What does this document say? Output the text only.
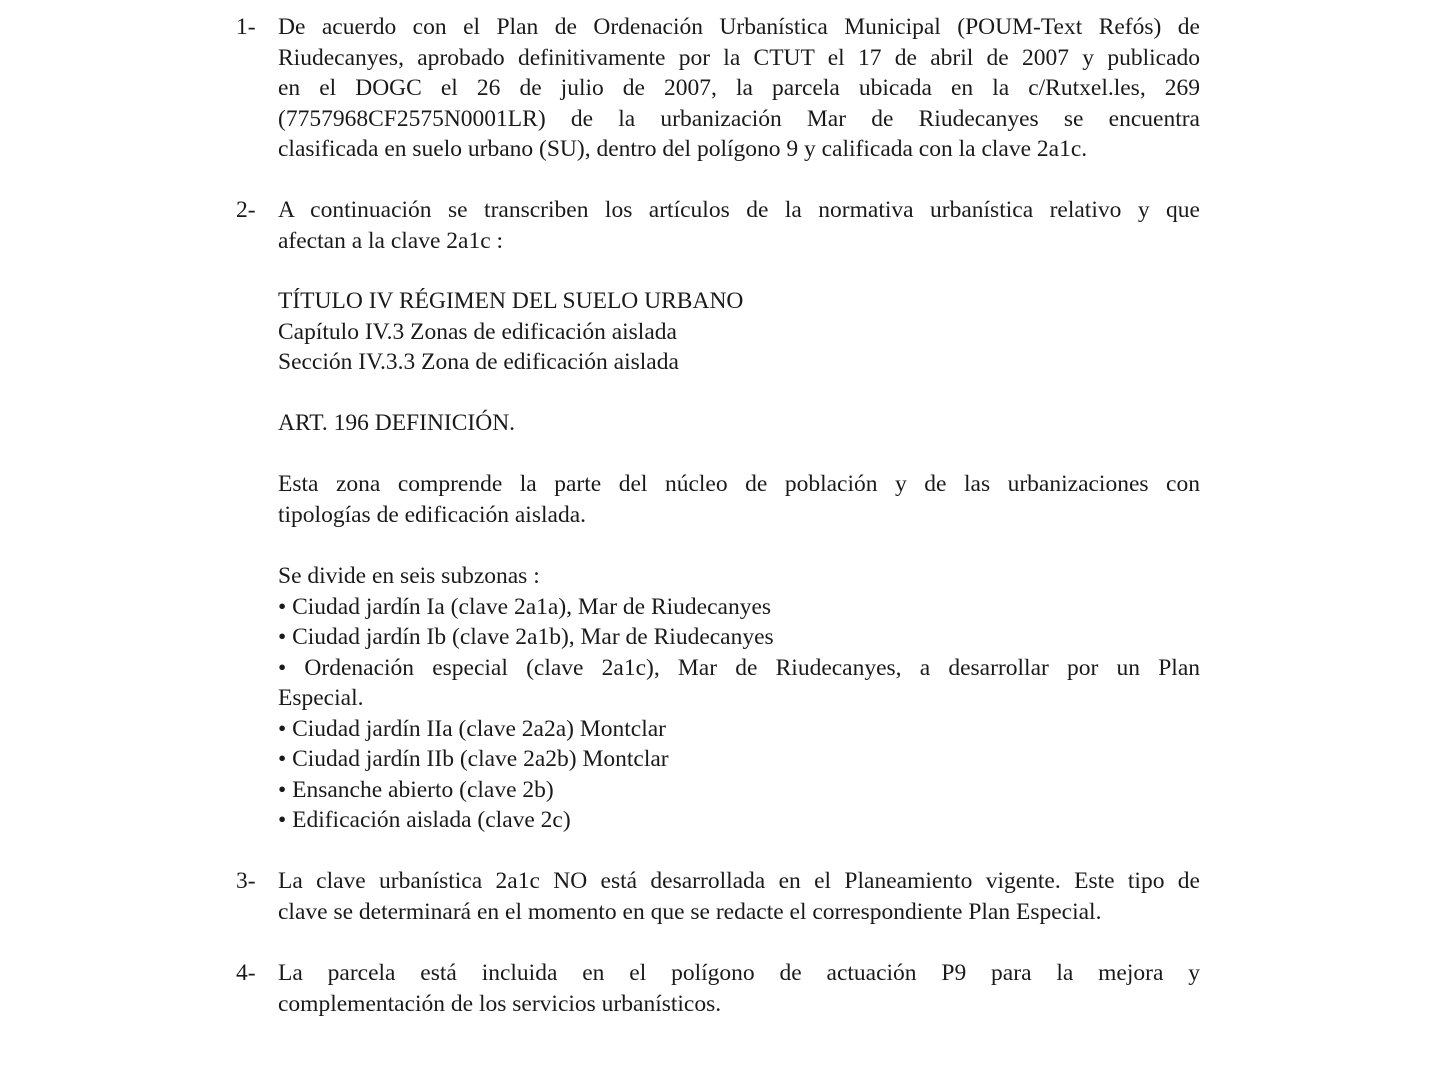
1- De acuerdo con el Plan de Ordenación Urbanística Municipal (POUM-Text Refós) de
Riudecanyes, aprobado definitivamente por la CTUT el 17 de abril de 2007 y publicado
en el DOGC el 26 de julio de 2007, la parcela ubicada en la c/Rutxel.les, 269
(7757968CF2575N0001LR) de la urbanización Mar de Riudecanyes se encuentra
clasificada en suelo urbano (SU), dentro del polígono 9 y calificada con la clave 2a1c.
2- A continuación se transcriben los artículos de la normativa urbanística relativo y que
afectan a la clave 2a1c :
TÍTULO IV RÉGIMEN DEL SUELO URBANO
Capítulo IV.3 Zonas de edificación aislada
Sección IV.3.3 Zona de edificación aislada
ART. 196 DEFINICIÓN.
Esta zona comprende la parte del núcleo de población y de las urbanizaciones con
tipologías de edificación aislada.
Se divide en seis subzonas :
• Ciudad jardín Ia (clave 2a1a), Mar de Riudecanyes
• Ciudad jardín Ib (clave 2a1b), Mar de Riudecanyes
• Ordenación especial (clave 2a1c), Mar de Riudecanyes, a desarrollar por un Plan
Especial.
• Ciudad jardín IIa (clave 2a2a) Montclar
• Ciudad jardín IIb (clave 2a2b) Montclar
• Ensanche abierto (clave 2b)
• Edificación aislada (clave 2c)
3- La clave urbanística 2a1c NO está desarrollada en el Planeamiento vigente. Este tipo de
clave se determinará en el momento en que se redacte el correspondiente Plan Especial.
4- La parcela está incluida en el polígono de actuación P9 para la mejora y
complementación de los servicios urbanísticos.
